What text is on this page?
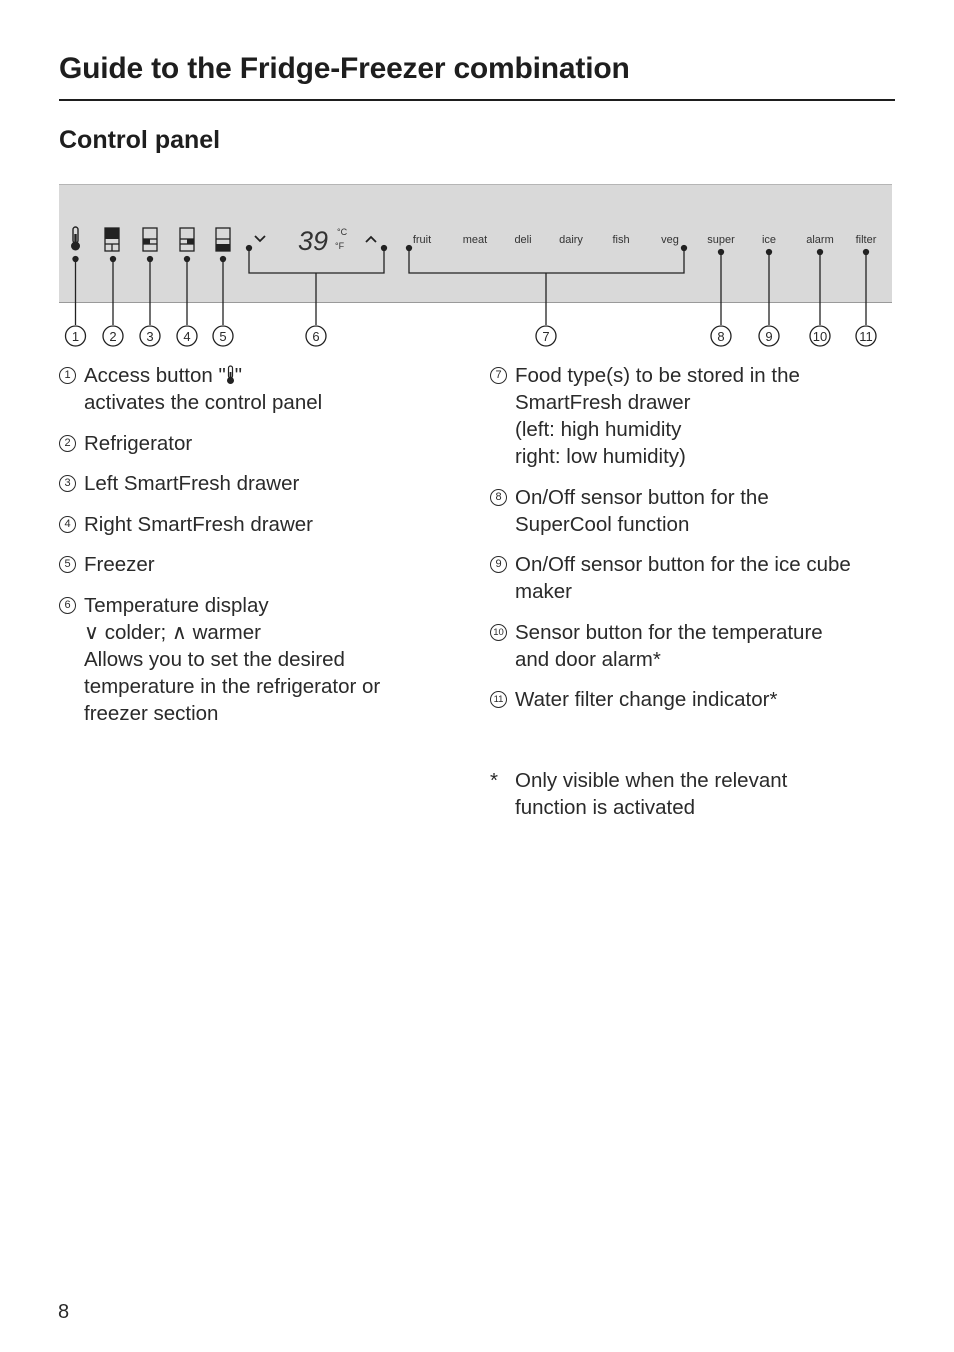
Guide to the Fridge-Freezer combination
Control panel
39 °C
°F	fruit	meat deli	dairy	fish	veg	super ice	alarm filter
1 2 3 4 5	6	7	8	9	10 11
1 Access button " "
activates the control panel
2 Refrigerator
3 Left SmartFresh drawer
4 Right SmartFresh drawer
5 Freezer
6 Temperature display
∨ colder; ∧ warmer
Allows you to set the desired
temperature in the refrigerator or
freezer section
7 Food type(s) to be stored in the
SmartFresh drawer
(left: high humidity
right: low humidity)
8 On/Off sensor button for the
SuperCool function
9 On/Off sensor button for the ice cube
maker
10 Sensor button for the temperature
and door alarm*
11 Water filter change indicator*
* Only visible when the relevant
function is activated
8
